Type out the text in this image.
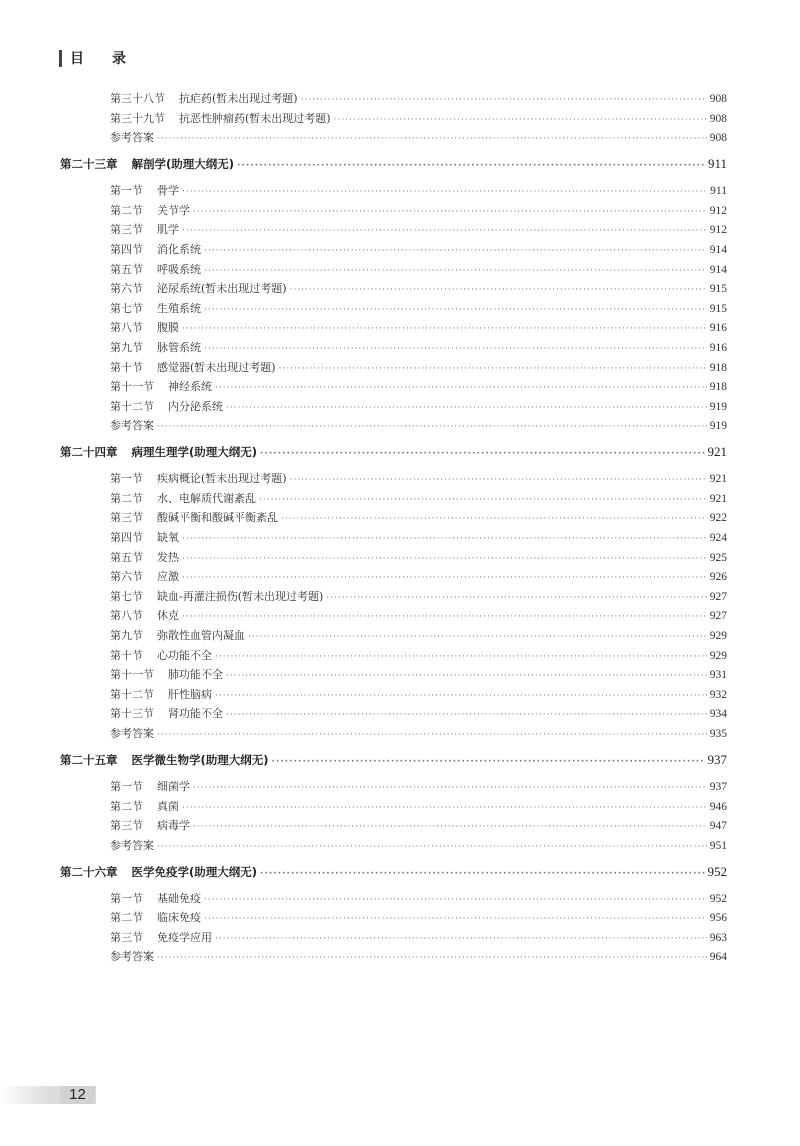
目 录
第三十八节 抗疟药(暂未出现过考题) ·····	908
第三十九节 抗恶性肿瘤药(暂未出现过考题) ·····	908
参考答案 ·····	908
第二十三章 解剖学(助理大纲无) ·····	911
第一节 骨学 ·····	911
第二节 关节学 ·····	912
第三节 肌学 ·····	912
第四节 消化系统 ·····	914
第五节 呼吸系统 ·····	914
第六节 泌尿系统(暂未出现过考题) ·····	915
第七节 生殖系统 ·····	915
第八节 腹膜 ·····	916
第九节 脉管系统 ·····	916
第十节 感觉器(暂未出现过考题) ·····	918
第十一节 神经系统 ·····	918
第十二节 内分泌系统 ·····	919
参考答案 ·····	919
第二十四章 病理生理学(助理大纲无) ·····	921
第一节 疾病概论(暂未出现过考题) ·····	921
第二节 水、电解质代谢紊乱 ·····	921
第三节 酸碱平衡和酸碱平衡紊乱 ·····	922
第四节 缺氧 ·····	924
第五节 发热 ·····	925
第六节 应激 ·····	926
第七节 缺血-再灌注损伤(暂未出现过考题) ·····	927
第八节 休克 ·····	927
第九节 弥散性血管内凝血 ·····	929
第十节 心功能不全 ·····	929
第十一节 肺功能不全 ·····	931
第十二节 肝性脑病 ·····	932
第十三节 肾功能不全 ·····	934
参考答案 ·····	935
第二十五章 医学微生物学(助理大纲无) ·····	937
第一节 细菌学 ·····	937
第二节 真菌 ·····	946
第三节 病毒学 ·····	947
参考答案 ·····	951
第二十六章 医学免疫学(助理大纲无) ·····	952
第一节 基础免疫 ·····	952
第二节 临床免疫 ·····	956
第三节 免疫学应用 ·····	963
参考答案 ·····	964
12
